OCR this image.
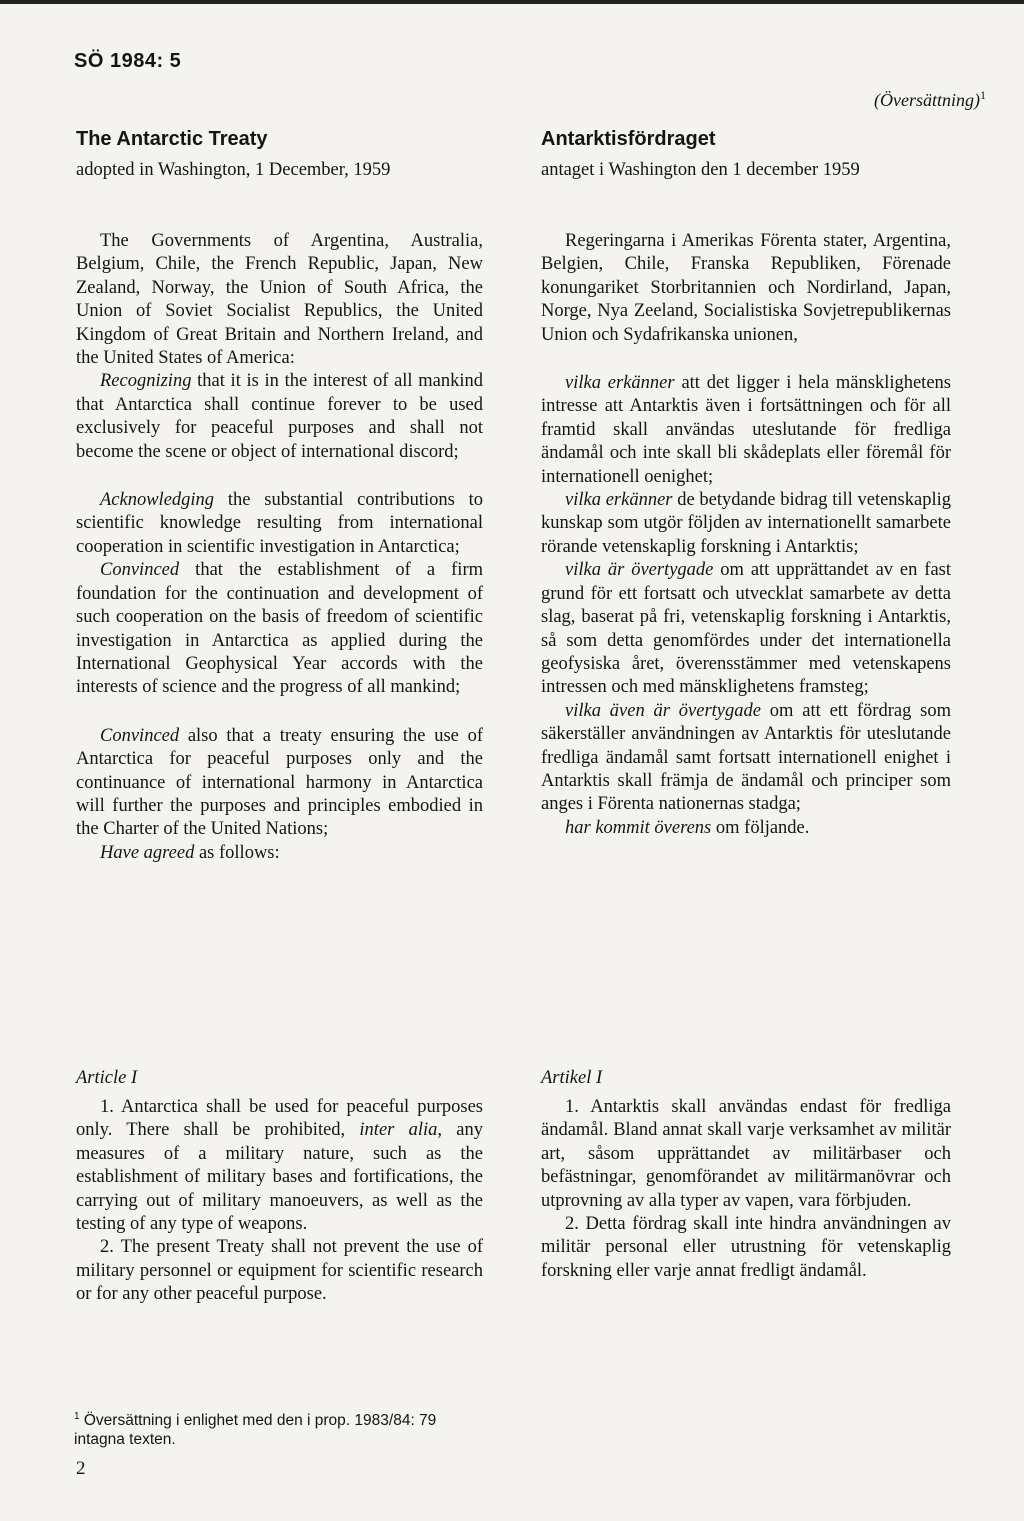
SÖ 1984: 5
(Översättning)$^1$
The Antarctic Treaty
adopted in Washington, 1 December, 1959
Antarktisfördraget
antaget i Washington den 1 december 1959

The Governments of Argentina, Australia, Belgium, Chile, the French Republic, Japan, New Zealand, Norway, the Union of South Africa, the Union of Soviet Socialist Republics, the United Kingdom of Great Britain and Northern Ireland, and the United States of America:

Recognizing that it is in the interest of all mankind that Antarctica shall continue forever to be used exclusively for peaceful purposes and shall not become the scene or object of international discord;

Acknowledging the substantial contributions to scientific knowledge resulting from international cooperation in scientific investigation in Antarctica;

Convinced that the establishment of a firm foundation for the continuation and development of such cooperation on the basis of freedom of scientific investigation in Antarctica as applied during the International Geophysical Year accords with the interests of science and the progress of all mankind;

Convinced also that a treaty ensuring the use of Antarctica for peaceful purposes only and the continuance of international harmony in Antarctica will further the purposes and principles embodied in the Charter of the United Nations;

Have agreed as follows:

Regeringarna i Amerikas Förenta stater, Argentina, Belgien, Chile, Franska Republiken, Förenade konungariket Storbritannien och Nordirland, Japan, Norge, Nya Zeeland, Socialistiska Sovjetrepublikernas Union och Sydafrikanska unionen,

vilka erkänner att det ligger i hela mänsklighetens intresse att Antarktis även i fortsättningen och för all framtid skall användas uteslutande för fredliga ändamål och inte skall bli skådeplats eller föremål för internationell oenighet;

vilka erkänner de betydande bidrag till vetenskaplig kunskap som utgör följden av internationellt samarbete rörande vetenskaplig forskning i Antarktis;

vilka är övertygade om att upprättandet av en fast grund för ett fortsatt och utvecklat samarbete av detta slag, baserat på fri, vetenskaplig forskning i Antarktis, så som detta genomfördes under det internationella geofysiska året, överensstämmer med vetenskapens intressen och med mänsklighetens framsteg;

vilka även är övertygade om att ett fördrag som säkerställer användningen av Antarktis för uteslutande fredliga ändamål samt fortsatt internationell enighet i Antarktis skall främja de ändamål och principer som anges i Förenta nationernas stadga;

har kommit överens om följande.

Article I	Artikel I

1. Antarctica shall be used for peaceful purposes only. There shall be prohibited, inter alia, any measures of a military nature, such as the establishment of military bases and fortifications, the carrying out of military manoeuvers, as well as the testing of any type of weapons.

2. The present Treaty shall not prevent the use of military personnel or equipment for scientific research or for any other peaceful purpose.

1. Antarktis skall användas endast för fredliga ändamål. Bland annat skall varje verksamhet av militär art, såsom upprättandet av militärbaser och befästningar, genomförandet av militärmanövrar och utprovning av alla typer av vapen, vara förbjuden.

2. Detta fördrag skall inte hindra användningen av militär personal eller utrustning för vetenskaplig forskning eller varje annat fredligt ändamål.

$^1$ Översättning i enlighet med den i prop. 1983/84: 79 intagna texten.
2
